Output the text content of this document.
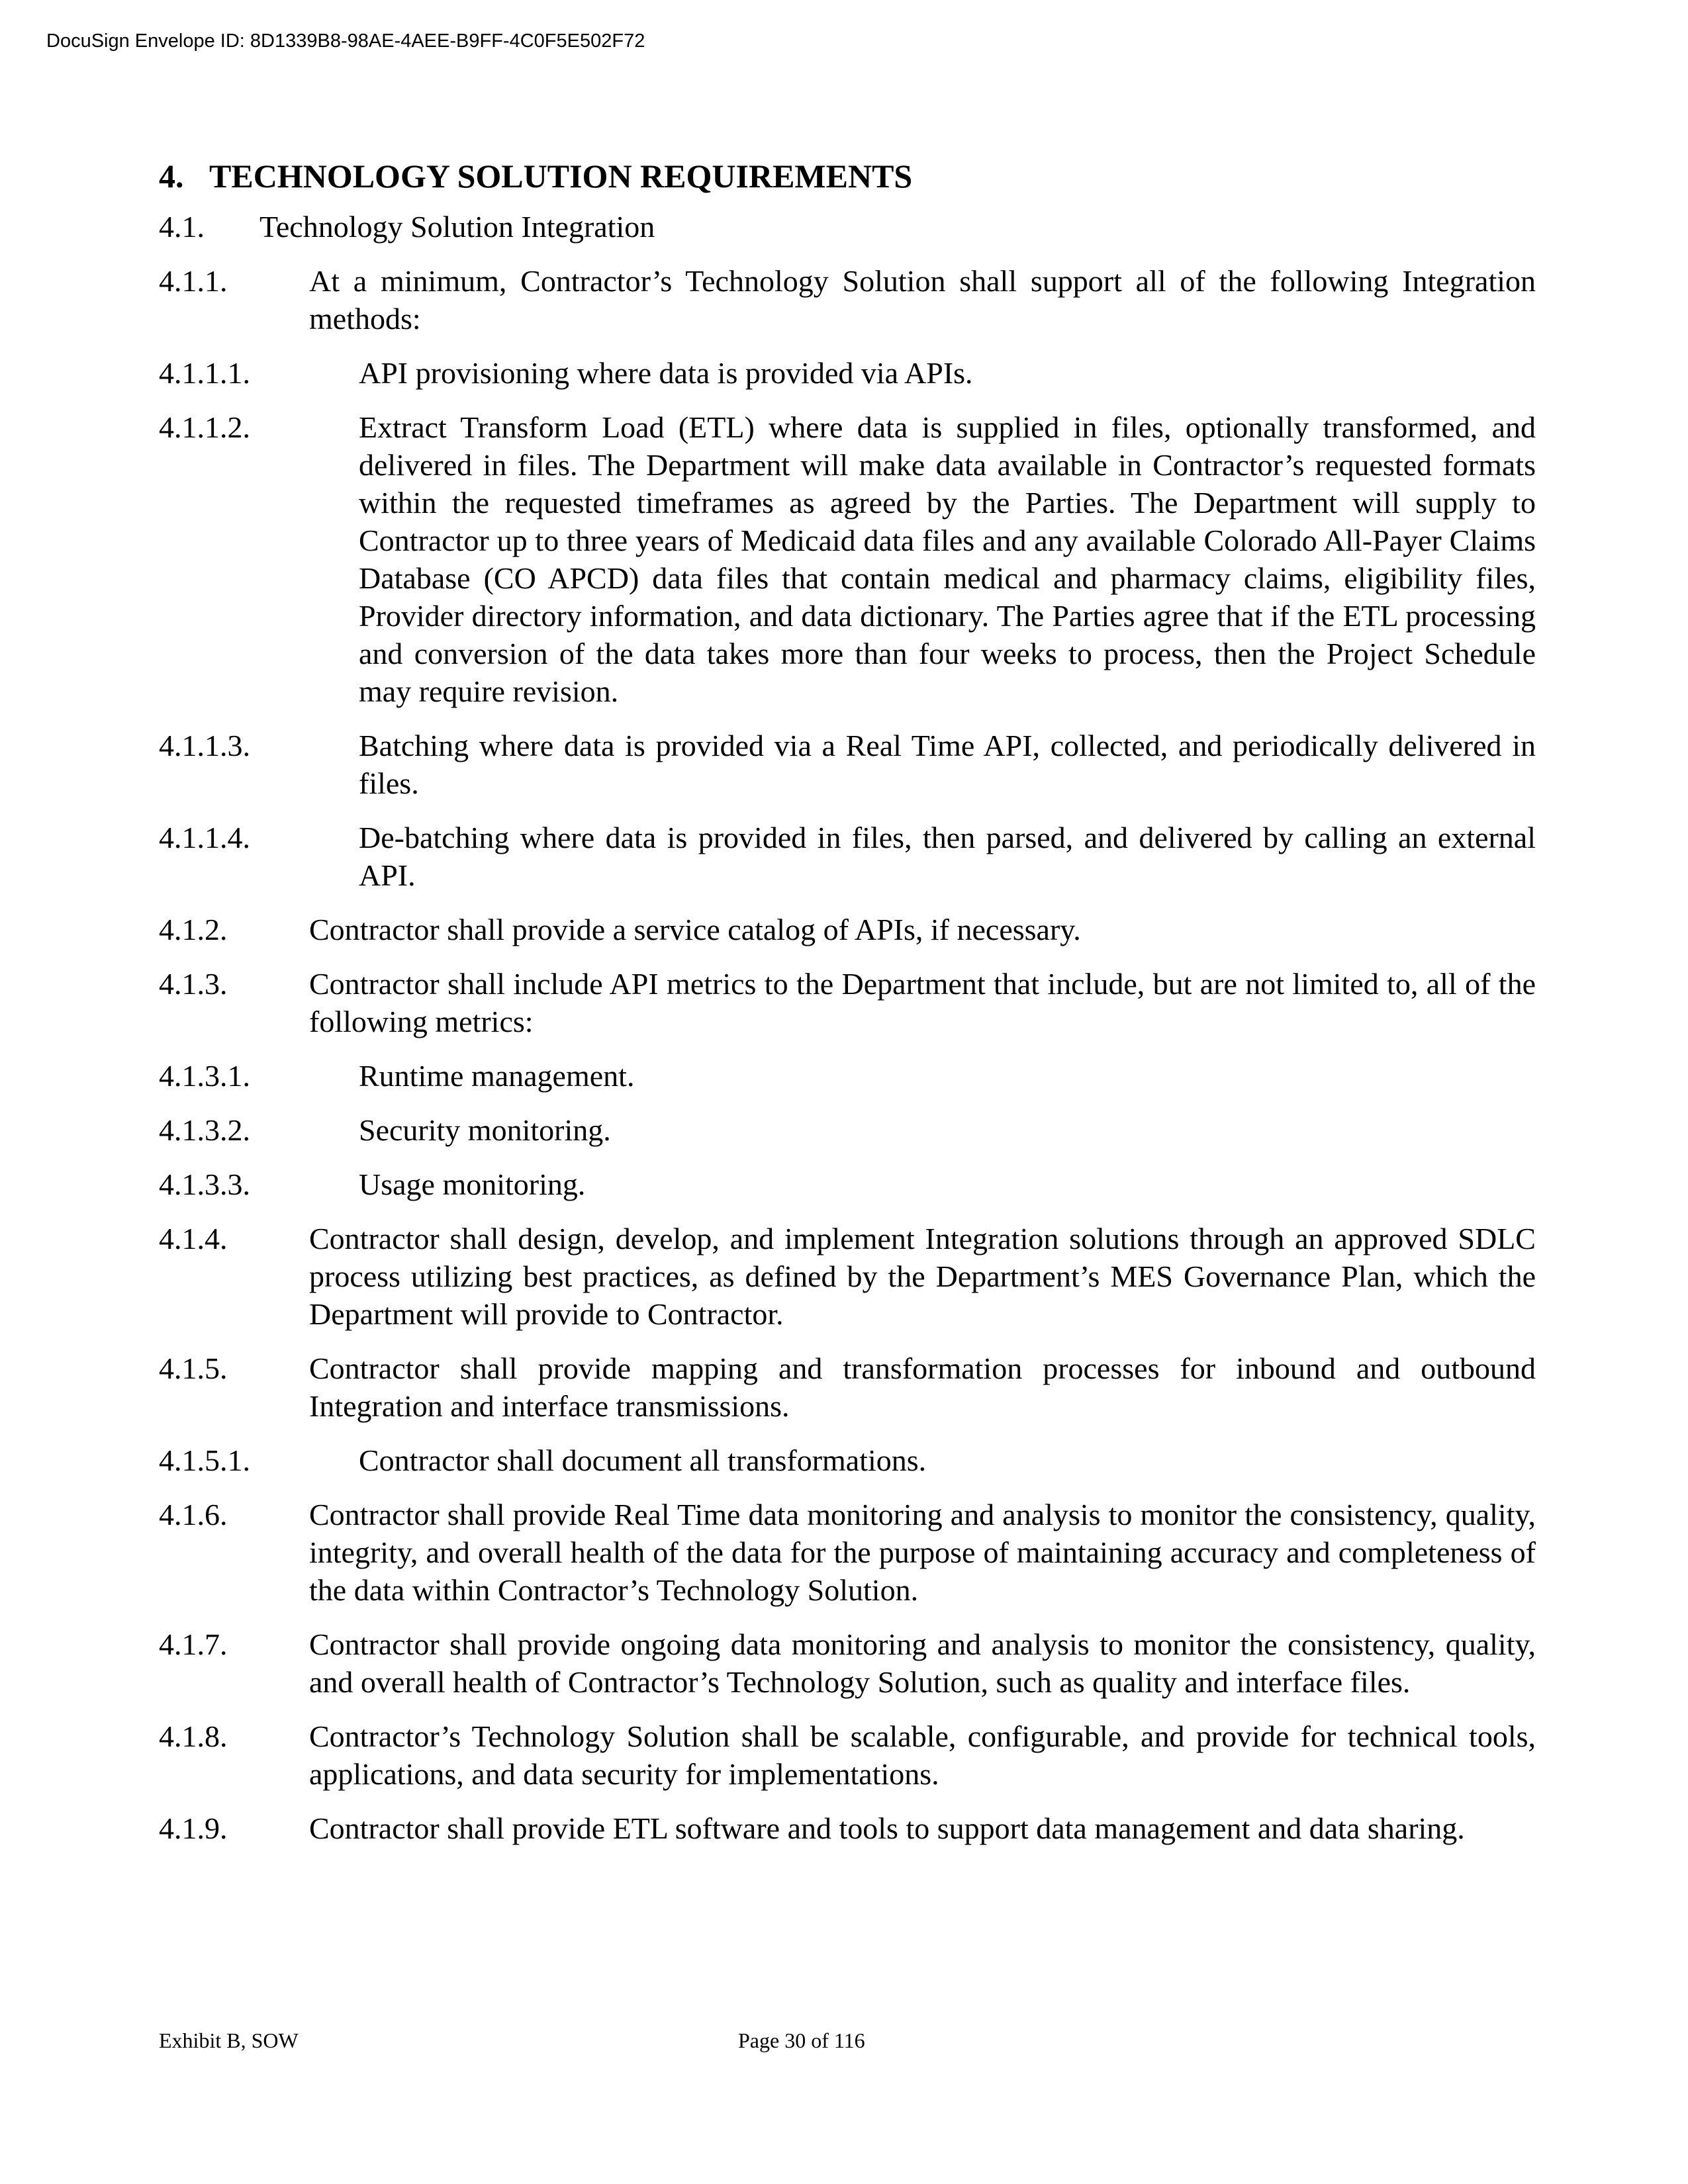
DocuSign Envelope ID: 8D1339B8-98AE-4AEE-B9FF-4C0F5E502F72
4. TECHNOLOGY SOLUTION REQUIREMENTS
4.1. Technology Solution Integration
4.1.1.	At a minimum, Contractor’s Technology Solution shall support all of the following Integration methods:
4.1.1.1.	API provisioning where data is provided via APIs.
4.1.1.2.	Extract Transform Load (ETL) where data is supplied in files, optionally transformed, and delivered in files. The Department will make data available in Contractor’s requested formats within the requested timeframes as agreed by the Parties. The Department will supply to Contractor up to three years of Medicaid data files and any available Colorado All-Payer Claims Database (CO APCD) data files that contain medical and pharmacy claims, eligibility files, Provider directory information, and data dictionary. The Parties agree that if the ETL processing and conversion of the data takes more than four weeks to process, then the Project Schedule may require revision.
4.1.1.3.	Batching where data is provided via a Real Time API, collected, and periodically delivered in files.
4.1.1.4.	De-batching where data is provided in files, then parsed, and delivered by calling an external API.
4.1.2.	Contractor shall provide a service catalog of APIs, if necessary.
4.1.3.	Contractor shall include API metrics to the Department that include, but are not limited to, all of the following metrics:
4.1.3.1.	Runtime management.
4.1.3.2.	Security monitoring.
4.1.3.3.	Usage monitoring.
4.1.4.	Contractor shall design, develop, and implement Integration solutions through an approved SDLC process utilizing best practices, as defined by the Department’s MES Governance Plan, which the Department will provide to Contractor.
4.1.5.	Contractor shall provide mapping and transformation processes for inbound and outbound Integration and interface transmissions.
4.1.5.1.	Contractor shall document all transformations.
4.1.6.	Contractor shall provide Real Time data monitoring and analysis to monitor the consistency, quality, integrity, and overall health of the data for the purpose of maintaining accuracy and completeness of the data within Contractor’s Technology Solution.
4.1.7.	Contractor shall provide ongoing data monitoring and analysis to monitor the consistency, quality, and overall health of Contractor’s Technology Solution, such as quality and interface files.
4.1.8.	Contractor’s Technology Solution shall be scalable, configurable, and provide for technical tools, applications, and data security for implementations.
4.1.9.	Contractor shall provide ETL software and tools to support data management and data sharing.
Exhibit B, SOW	Page 30 of 116
